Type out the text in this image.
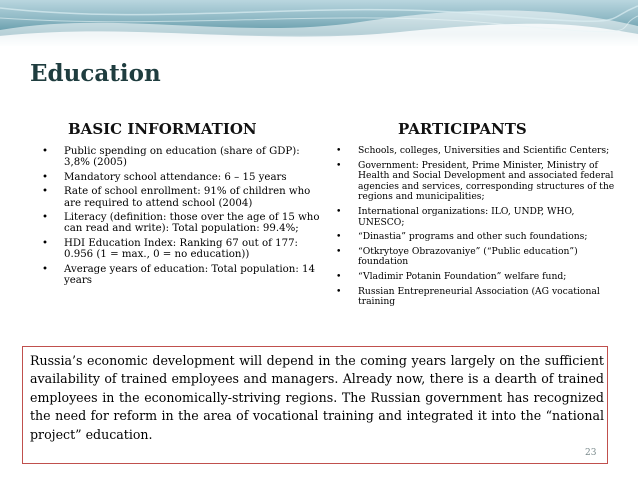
Education
BASIC INFORMATION	PARTICIPANTS
• Public spending on education (share of GDP): 3,8% (2005)
• Mandatory school attendance: 6 – 15 years
• Rate of school enrollment: 91% of children who are required to attend school (2004)
• Literacy (definition: those over the age of 15 who can read and write): Total population: 99.4%;
• HDI Education Index: Ranking 67 out of 177: 0.956 (1 = max., 0 = no education))
• Average years of education: Total population: 14 years
• Schools, colleges, Universities and Scientific Centers;
• Government: President, Prime Minister, Ministry of Health and Social Development and associated federal agencies and services, corresponding structures of the regions and municipalities;
• International organizations: ILO, UNDP, WHO, UNESCO;
• “Dinastia” programs and other such foundations;
• “Otkrytoye Obrazovaniye” (“Public education”) foundation
• “Vladimir Potanin Foundation” welfare fund;
• Russian Entrepreneurial Association (AG vocational training
Russia’s economic development will depend in the coming years largely on the sufficient availability of trained employees and managers. Already now, there is a dearth of trained employees in the economically-striving regions. The Russian government has recognized the need for reform in the area of vocational training and integrated it into the “national project” education.
23
